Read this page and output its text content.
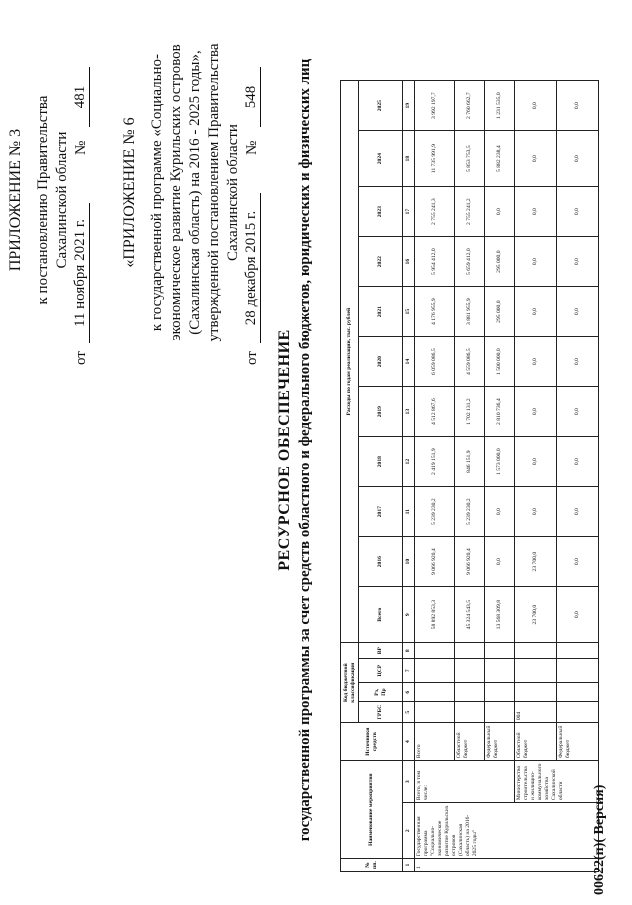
ПРИЛОЖЕНИЕ № 3 к постановлению Правительства Сахалинской области
от
11 ноября 2021 г.
№
481
«ПРИЛОЖЕНИЕ № 6 к государственной программе «Социально- экономическое развитие Курильских островов (Сахалинская область) на 2016 - 2025 годы», утвержденной постановлением Правительства Сахалинской области
от
28 декабря 2015 г.
№
548
РЕСУРСНОЕ ОБЕСПЕЧЕНИЕ государственной программы за счет средств областного и федерального бюджетов, юридических и физических лиц
№ пп.	Наименование мероприятия		Источники средств	Код бюджетной классификации				Расходы по годам реализации, тыс. рублей										
				ГРБС	Рз, Пр	ЦСР	ВР	Всего	2016	2017	2018	2019	2020	2021	2022	2023	2024	2025
1	2	3	4	5	6	7	8	9	10	11	12	13	14	15	16	17	18	19
1	Государственная программа "Социально-экономическое развитие Курильских островов (Сахалинская область) на 2016-2025 годы"	Всего, в том числе:	Всего					58 892 853,3	9 066 920,4	5 239 230,2	2 419 151,9	4 512 867,6	6 059 086,5	4 176 955,9	5 954 412,0	2 755 241,3	11 735 991,9	3 992 197,7
			Областной бюджет					45 324 543,5	9 066 920,4	5 239 230,2	846 151,9	1 702 131,2	4 559 086,5	3 881 955,9	5 659 412,0	2 755 241,2	5 853 753,5	2 760 662,7
			Федеральный бюджет					13 568 309,8	0,0	0,0	1 573 000,0	2 810 736,4	1 500 000,0	295 000,0	295 000,0	0,0	5 882 238,4	1 231 535,0
		Министерство строительства и жилищно-коммунального хозяйства Сахалинской области	Областной бюджет	004				23 700,0	23 700,0	0,0	0,0	0,0	0,0	0,0	0,0	0,0	0,0	0,0
			Федеральный бюджет					0,0	0,0	0,0	0,0	0,0	0,0	0,0	0,0	0,0	0,0	0,0
00622(п)( Версия)
